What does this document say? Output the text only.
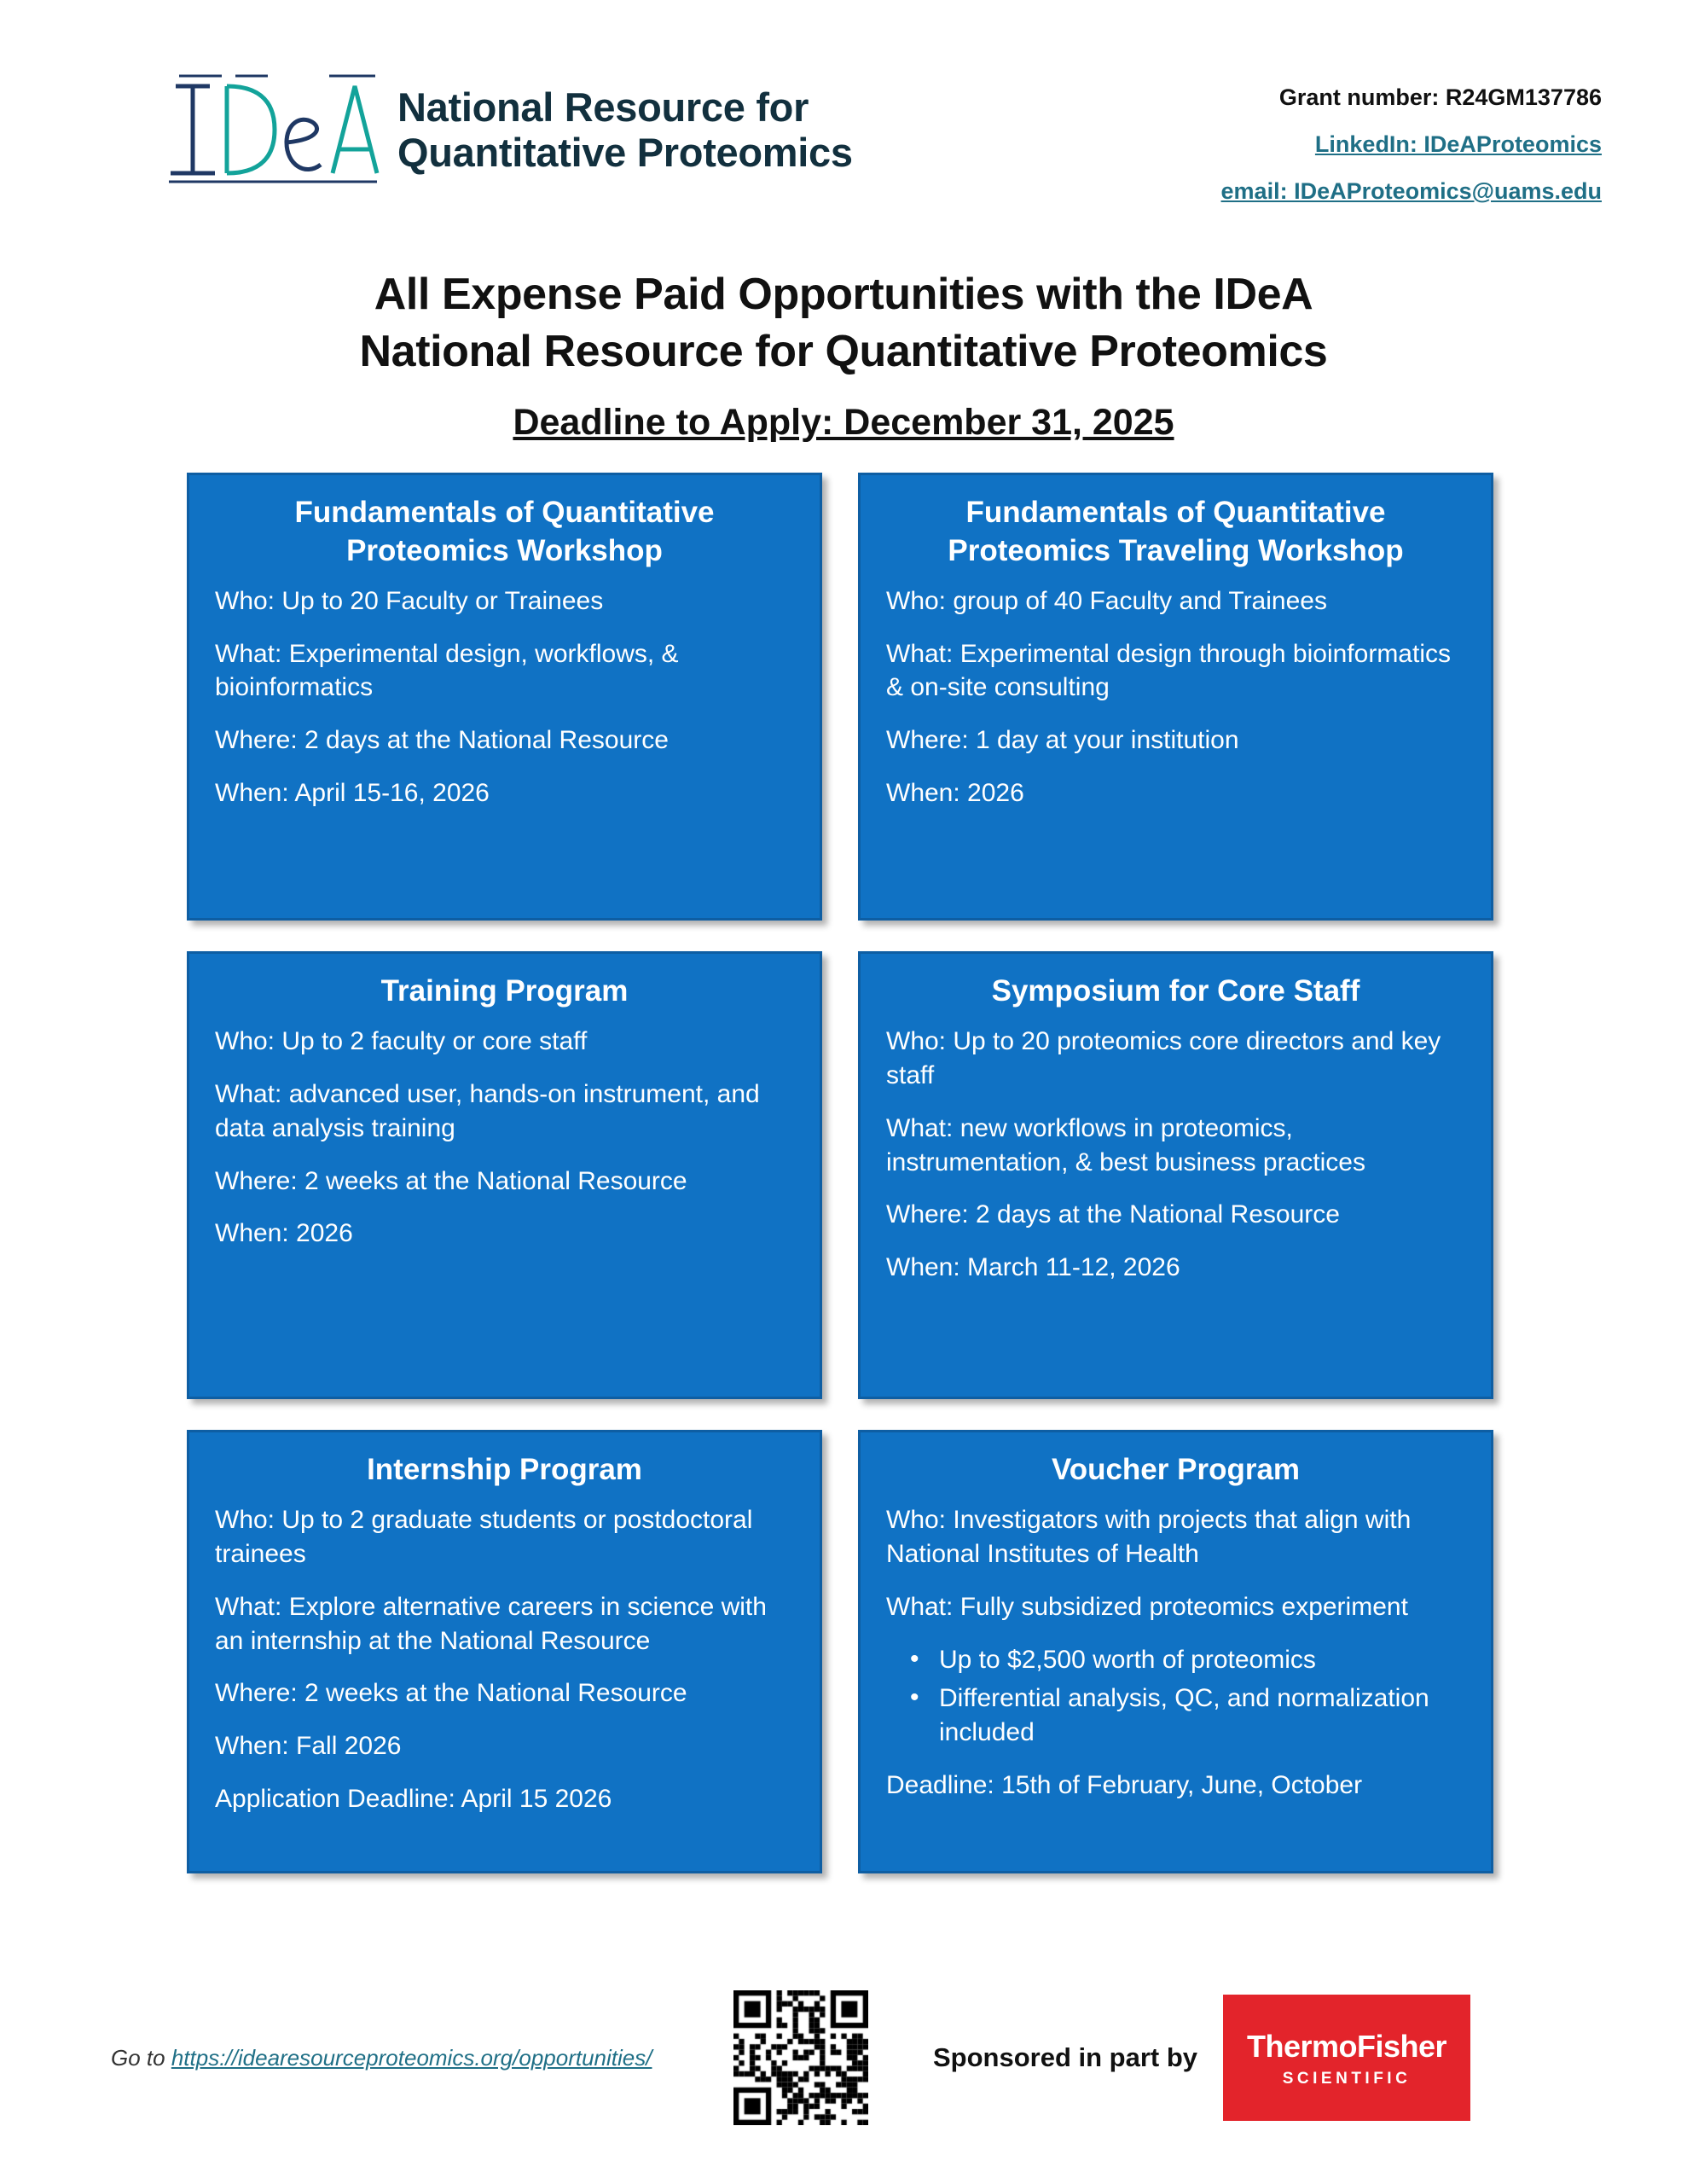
National Resource for
Quantitative Proteomics
Grant number: R24GM137786
LinkedIn: IDeAProteomics
email: IDeAProteomics@uams.edu
All Expense Paid Opportunities with the IDeA
National Resource for Quantitative Proteomics
Deadline to Apply: December 31, 2025
Fundamentals of Quantitative Proteomics Workshop

Who: Up to 20 Faculty or Trainees

What: Experimental design, workflows, & bioinformatics

Where: 2 days at the National Resource

When: April 15-16, 2026

Fundamentals of Quantitative Proteomics Traveling Workshop

Who: group of 40 Faculty and Trainees

What: Experimental design through bioinformatics & on-site consulting

Where: 1 day at your institution

When: 2026

Training Program

Who: Up to 2 faculty or core staff

What: advanced user, hands-on instrument, and data analysis training

Where: 2 weeks at the National Resource

When: 2026

Symposium for Core Staff

Who: Up to 20 proteomics core directors and key staff

What: new workflows in proteomics, instrumentation, & best business practices

Where: 2 days at the National Resource

When: March 11-12, 2026

Internship Program

Who: Up to 2 graduate students or postdoctoral trainees

What: Explore alternative careers in science with an internship at the National Resource

Where: 2 weeks at the National Resource

When: Fall 2026

Application Deadline: April 15 2026

Voucher Program

Who: Investigators with projects that align with National Institutes of Health

What: Fully subsidized proteomics experiment

• Up to $2,500 worth of proteomics
• Differential analysis, QC, and normalization included

Deadline: 15th of February, June, October

Go to https://idearesourceproteomics.org/opportunities/	Sponsored in part by ThermoFisher
SCIENTIFIC
